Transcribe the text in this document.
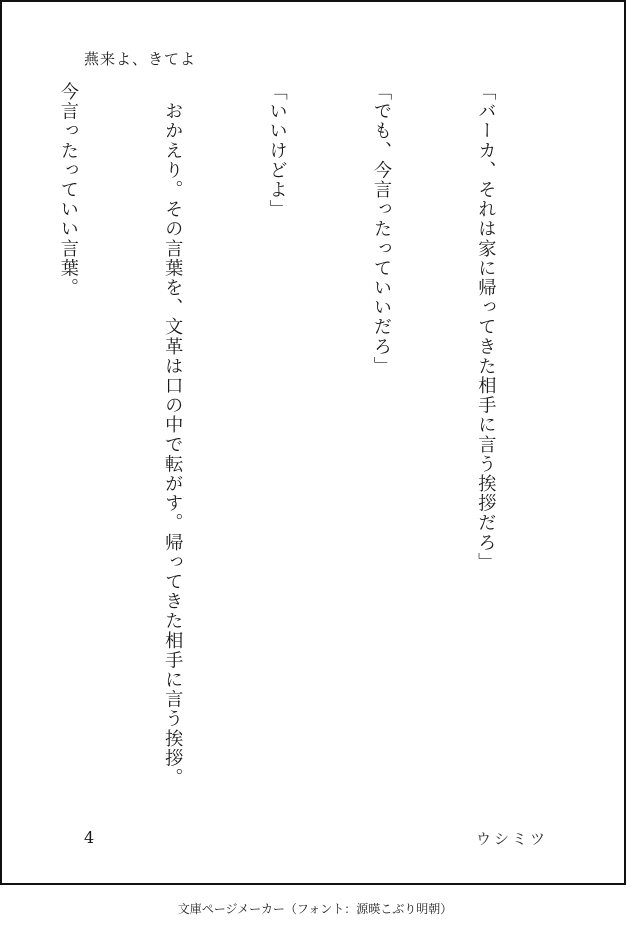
燕来よ、きてよ

「バーカ、それは家に帰ってきた相手に言う挨拶だろ」

「でも、今言ったっていいだろ」

「いいけどよ」

　おかえり。その言葉を、文革は口の中で転がす。帰ってきた相手に言う挨拶。

今言ったっていい言葉。

4	ウシミツ
文庫ページメーカー（フォント：源暎こぶり明朝）
